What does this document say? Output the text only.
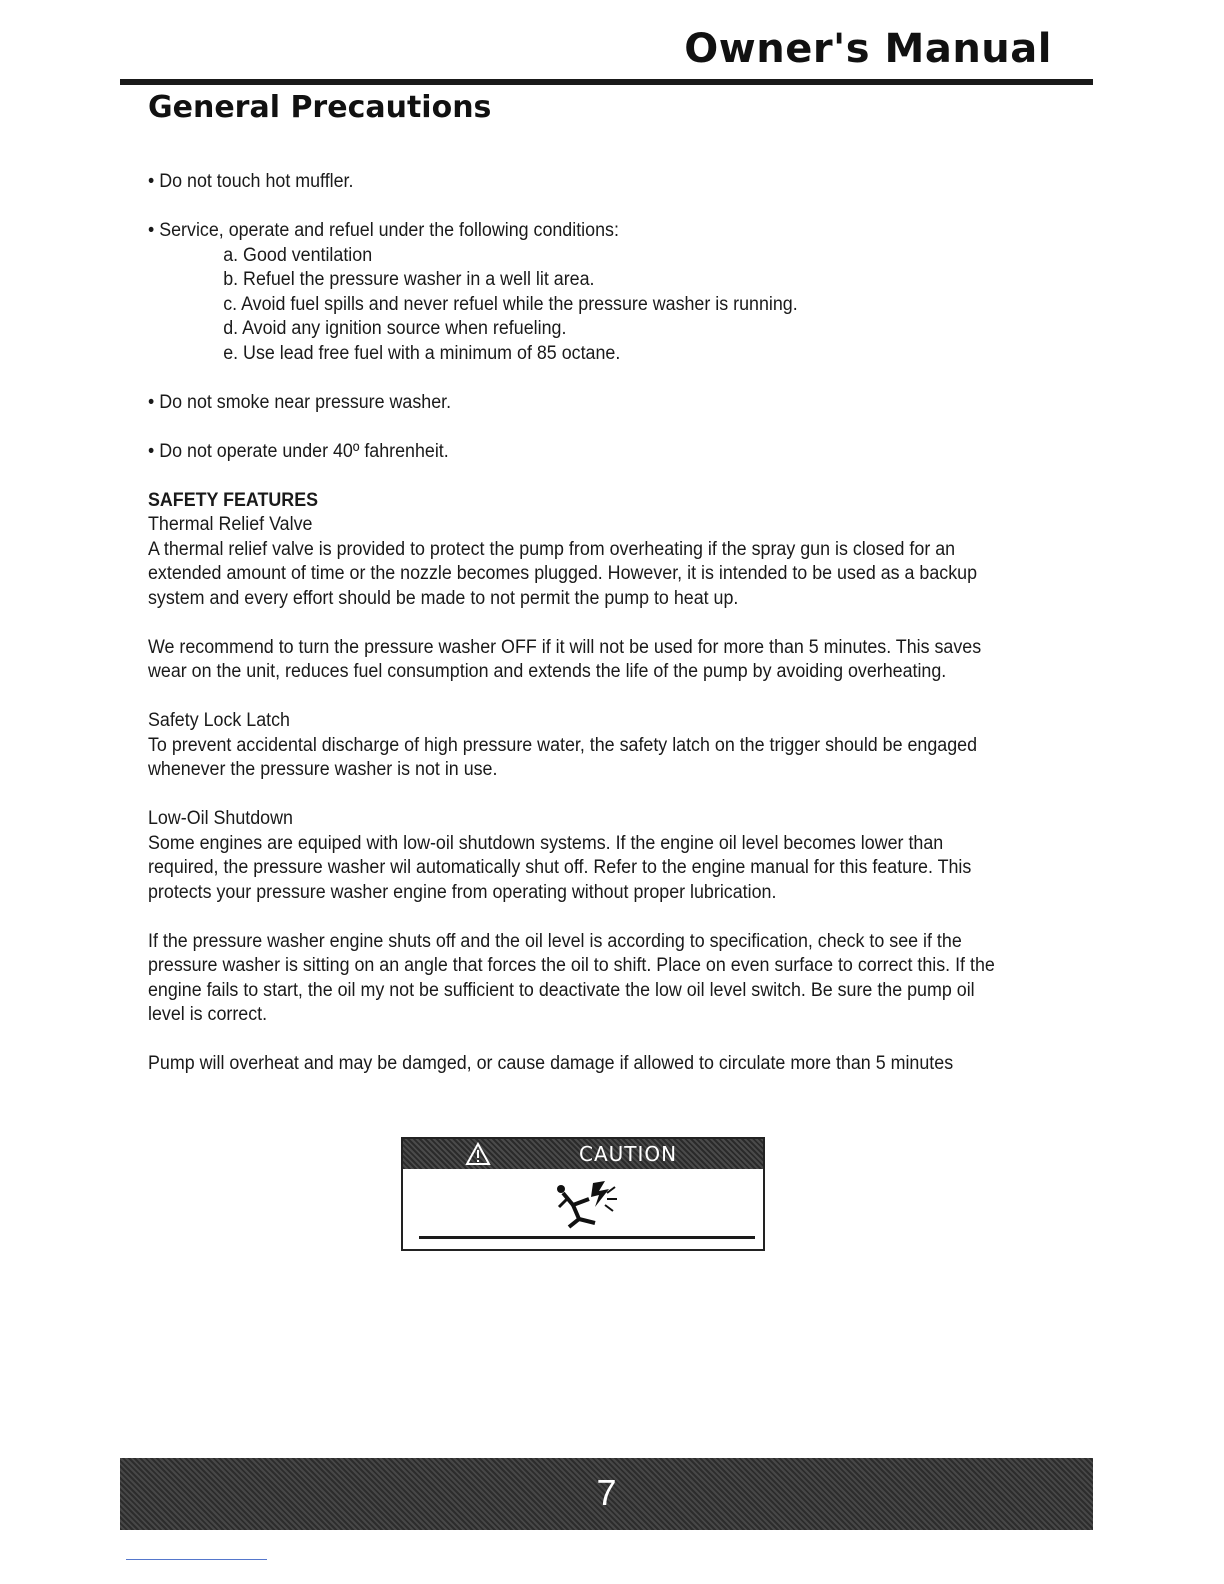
Owner's Manual
General Precautions

• Do not touch hot muffler.

• Service, operate and refuel under the following conditions:

a. Good ventilation

b. Refuel the pressure washer in a well lit area.

c. Avoid fuel spills and never refuel while the pressure washer is running.

d. Avoid any ignition source when refueling.

e. Use lead free fuel with a minimum of 85 octane.

• Do not smoke near pressure washer.

• Do not operate under 40º fahrenheit.

SAFETY FEATURES

Thermal Relief Valve

A thermal relief valve is provided to protect the pump from overheating if the spray gun is closed for an

extended amount of time or the nozzle becomes plugged. However, it is intended to be used as a backup

system and every effort should be made to not permit the pump to heat up.

We recommend to turn the pressure washer OFF if it will not be used for more than 5 minutes. This saves

wear on the unit, reduces fuel consumption and extends the life of the pump by avoiding overheating.

Safety Lock Latch

To prevent accidental discharge of high pressure water, the safety latch on the trigger should be engaged

whenever the pressure washer is not in use.

Low-Oil Shutdown

Some engines are equiped with low-oil shutdown systems. If the engine oil level becomes lower than

required, the pressure washer wil automatically shut off. Refer to the engine manual for this feature. This

protects your pressure washer engine from operating without proper lubrication.

If the pressure washer engine shuts off and the oil level is according to specification, check to see if the

pressure washer is sitting on an angle that forces the oil to shift. Place on even surface to correct this. If the

engine fails to start, the oil my not be sufficient to deactivate the low oil level switch. Be sure the pump oil

level is correct.

Pump will overheat and may be damged, or cause damage if allowed to circulate more than 5 minutes

CAUTION
7
